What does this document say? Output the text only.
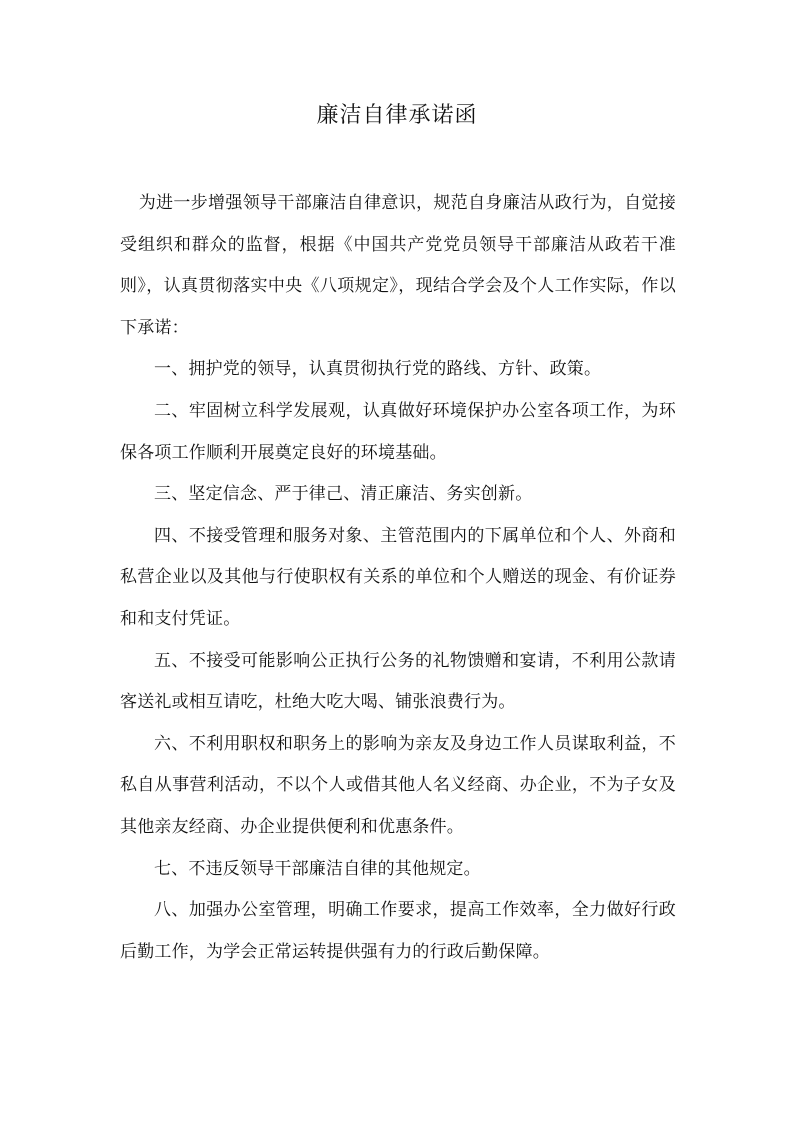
廉洁自律承诺函

为进一步增强领导干部廉洁自律意识，规范自身廉洁从政行为，自觉接受组织和群众的监督，根据《中国共产党党员领导干部廉洁从政若干准则》，认真贯彻落实中央《八项规定》，现结合学会及个人工作实际，作以下承诺：

一、拥护党的领导，认真贯彻执行党的路线、方针、政策。

二、牢固树立科学发展观，认真做好环境保护办公室各项工作，为环保各项工作顺利开展奠定良好的环境基础。

三、坚定信念、严于律己、清正廉洁、务实创新。

四、不接受管理和服务对象、主管范围内的下属单位和个人、外商和私营企业以及其他与行使职权有关系的单位和个人赠送的现金、有价证券和和支付凭证。

五、不接受可能影响公正执行公务的礼物馈赠和宴请，不利用公款请客送礼或相互请吃，杜绝大吃大喝、铺张浪费行为。

六、不利用职权和职务上的影响为亲友及身边工作人员谋取利益，不私自从事营利活动，不以个人或借其他人名义经商、办企业，不为子女及其他亲友经商、办企业提供便利和优惠条件。

七、不违反领导干部廉洁自律的其他规定。

八、加强办公室管理，明确工作要求，提高工作效率，全力做好行政后勤工作，为学会正常运转提供强有力的行政后勤保障。
